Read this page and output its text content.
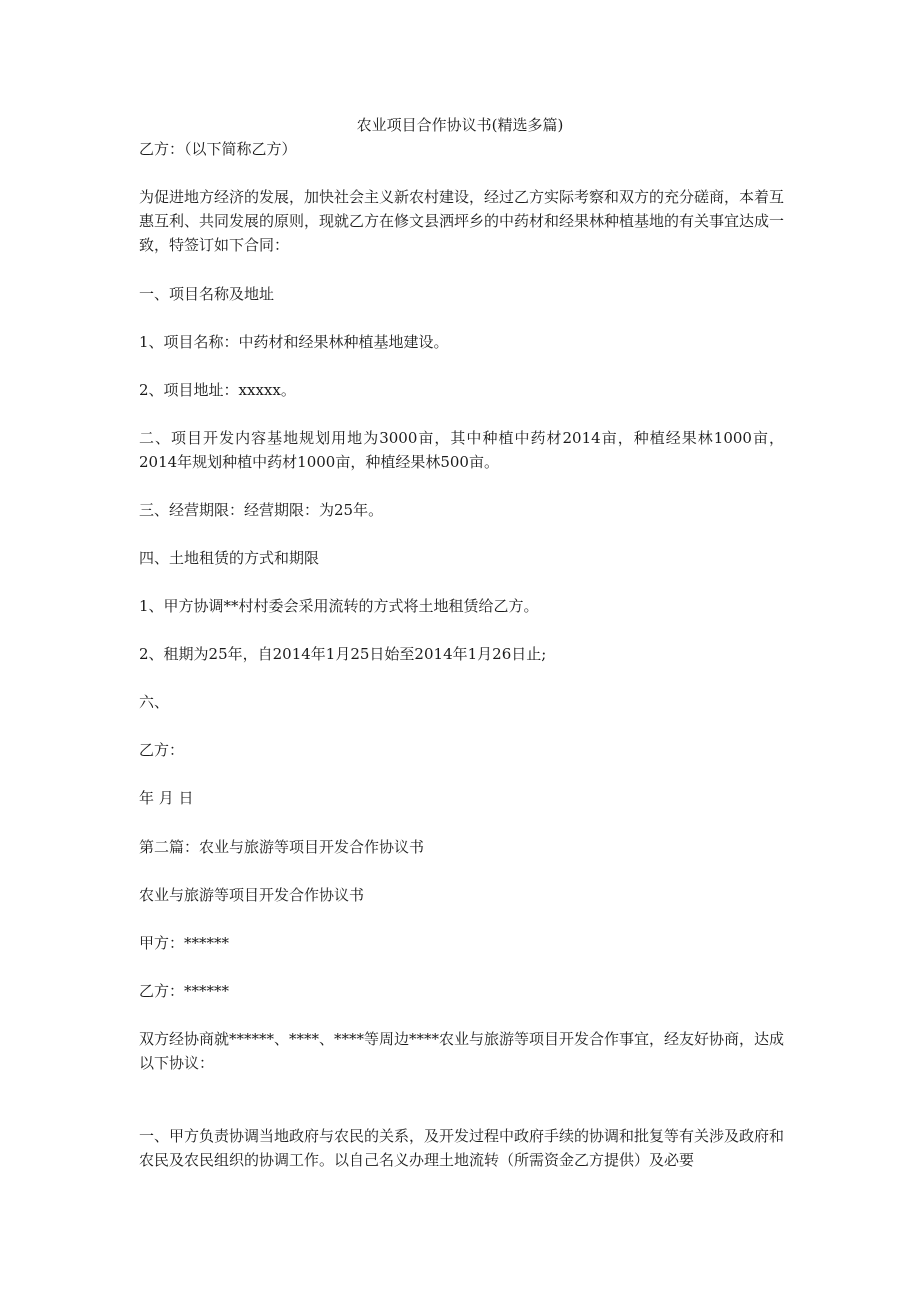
农业项目合作协议书(精选多篇)

乙方：（以下简称乙方）

为促进地方经济的发展，加快社会主义新农村建设，经过乙方实际考察和双方的充分磋商，本着互惠互利、共同发展的原则，现就乙方在修文县洒坪乡的中药材和经果林种植基地的有关事宜达成一致，特签订如下合同：

一、项目名称及地址

1、项目名称：中药材和经果林种植基地建设。

2、项目地址：xxxxx。

二、项目开发内容基地规划用地为3000亩，其中种植中药材2014亩，种植经果林1000亩，2014年规划种植中药材1000亩，种植经果林500亩。

三、经营期限：经营期限：为25年。

四、土地租赁的方式和期限

1、甲方协调**村村委会采用流转的方式将土地租赁给乙方。

2、租期为25年，自2014年1月25日始至2014年1月26日止;

六、

乙方：

年 月 日

第二篇：农业与旅游等项目开发合作协议书

农业与旅游等项目开发合作协议书

甲方：******

乙方：******

双方经协商就******、****、****等周边****农业与旅游等项目开发合作事宜，经友好协商，达成以下协议：

一、甲方负责协调当地政府与农民的关系，及开发过程中政府手续的协调和批复等有关涉及政府和农民及农民组织的协调工作。以自己名义办理土地流转（所需资金乙方提供）及必要
